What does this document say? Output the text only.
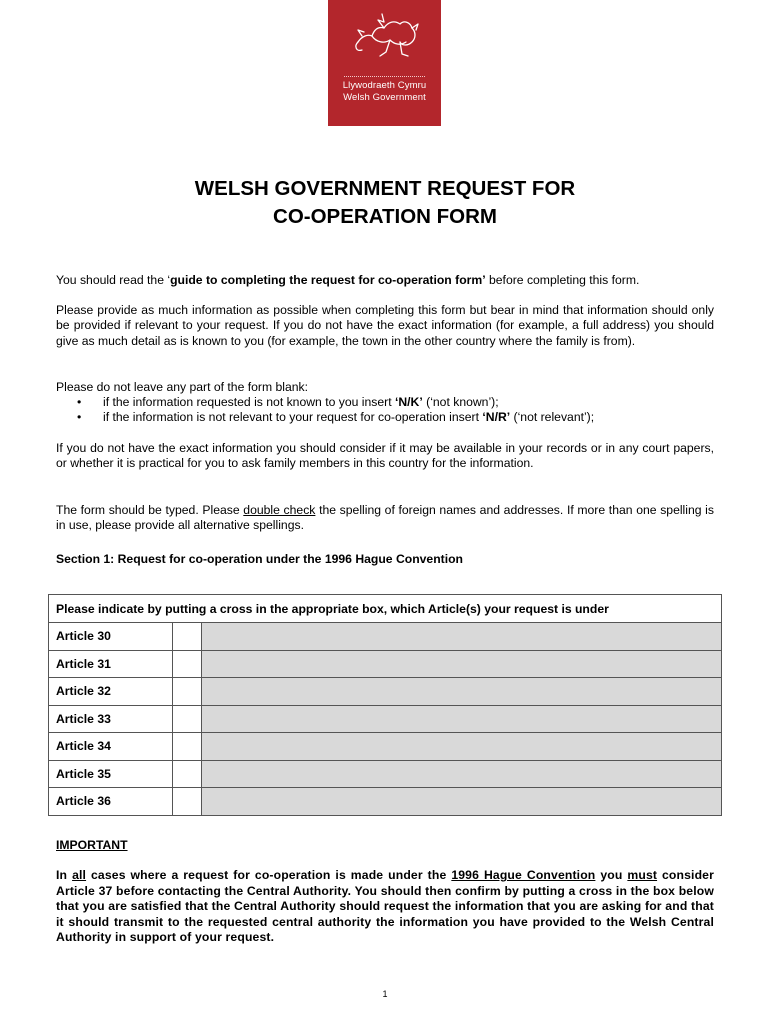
Llywodraeth Cymru
Welsh Government
WELSH GOVERNMENT REQUEST FOR
CO-OPERATION FORM

You should read the ‘guide to completing the request for co-operation form’ before completing this form.

Please provide as much information as possible when completing this form but bear in mind that information should only be provided if relevant to your request. If you do not have the exact information (for example, a full address) you should give as much detail as is known to you (for example, the town in the other country where the family is from).

Please do not leave any part of the form blank:

• if the information requested is not known to you insert ‘N/K’ (‘not known’);
• if the information is not relevant to your request for co-operation insert ‘N/R’ (‘not relevant’);

If you do not have the exact information you should consider if it may be available in your records or in any court papers, or whether it is practical for you to ask family members in this country for the information.

The form should be typed. Please double check the spelling of foreign names and addresses. If more than one spelling is in use, please provide all alternative spellings.

Section 1: Request for co-operation under the 1996 Hague Convention
Please indicate by putting a cross in the appropriate box, which Article(s) your request is under		
Article 30		
Article 31		
Article 32		
Article 33		
Article 34		
Article 35		
Article 36		
IMPORTANT

In all cases where a request for co-operation is made under the 1996 Hague Convention you must consider Article 37 before contacting the Central Authority. You should then confirm by putting a cross in the box below that you are satisfied that the Central Authority should request the information that you are asking for and that it should transmit to the requested central authority the information you have provided to the Welsh Central Authority in support of your request.

1
